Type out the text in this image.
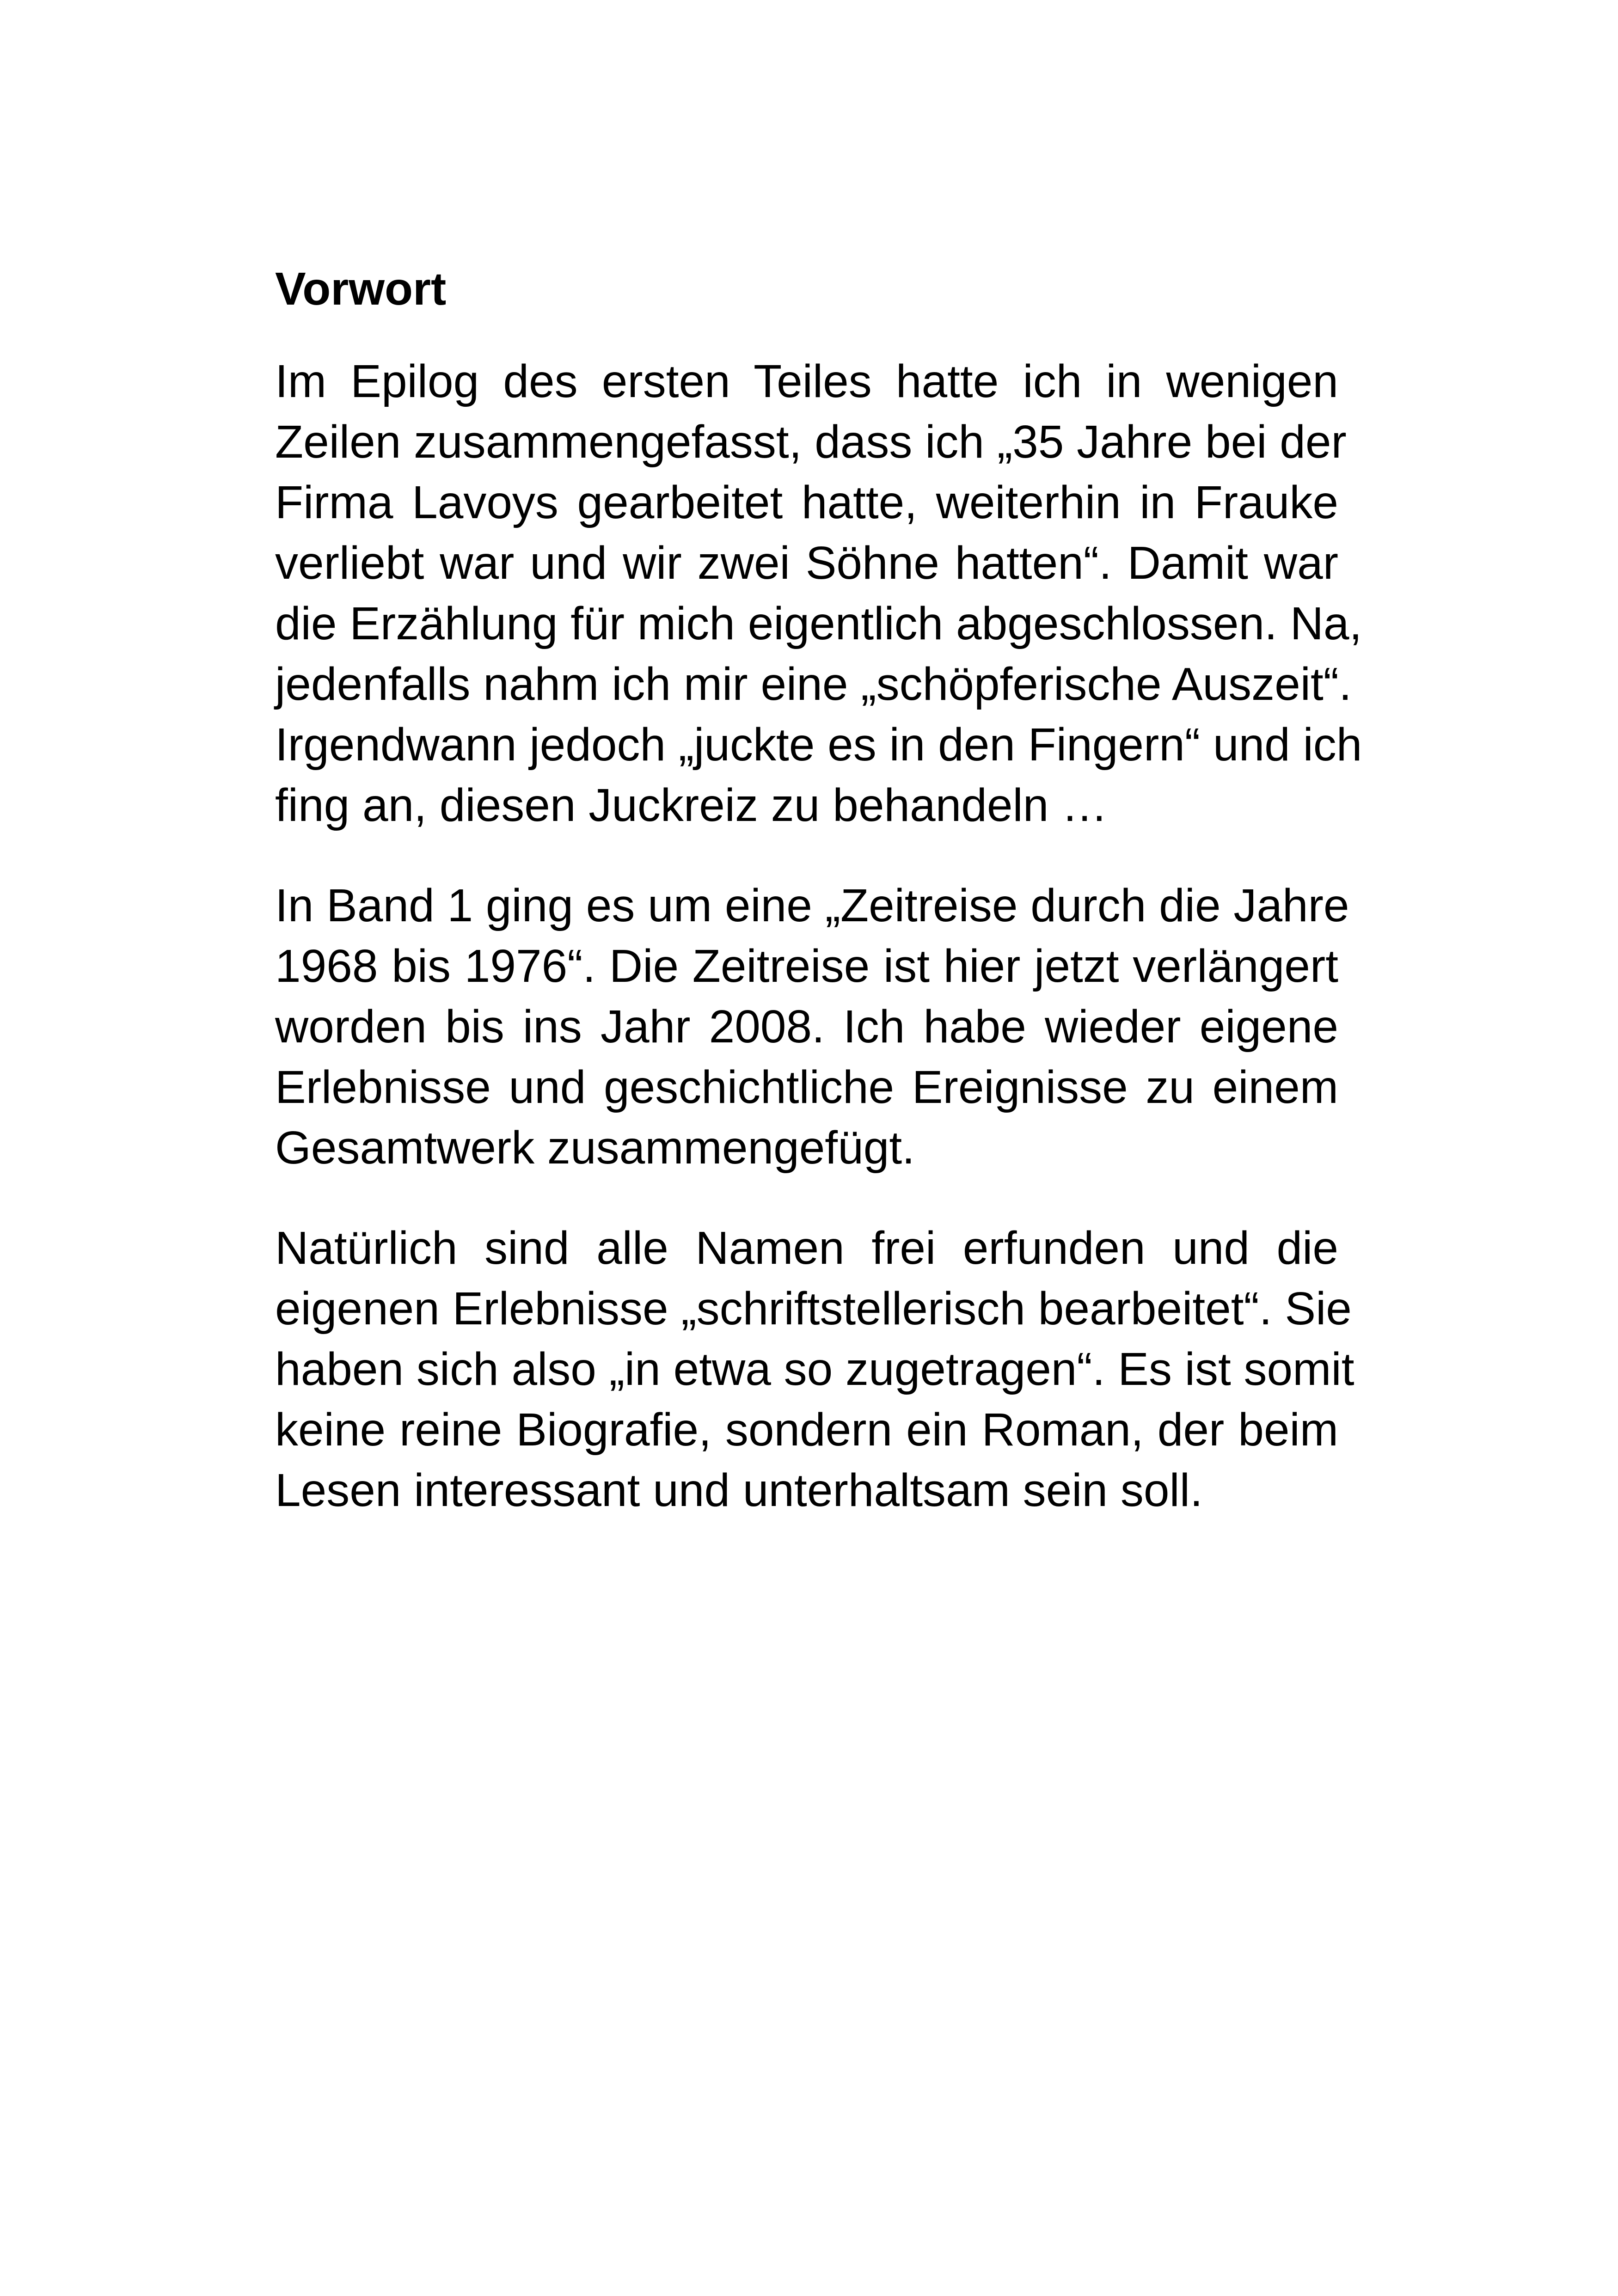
Vorwort

Im Epilog des ersten Teiles hatte ich in wenigen
Zeilen zusammengefasst, dass ich „35 Jahre bei der
Firma Lavoys gearbeitet hatte, weiterhin in Frauke
verliebt war und wir zwei Söhne hatten“. Damit war
die Erzählung für mich eigentlich abgeschlossen. Na,
jedenfalls nahm ich mir eine „schöpferische Auszeit“.
Irgendwann jedoch „juckte es in den Fingern“ und ich
fing an, diesen Juckreiz zu behandeln …

In Band 1 ging es um eine „Zeitreise durch die Jahre
1968 bis 1976“. Die Zeitreise ist hier jetzt verlängert
worden bis ins Jahr 2008. Ich habe wieder eigene
Erlebnisse und geschichtliche Ereignisse zu einem
Gesamtwerk zusammengefügt.

Natürlich sind alle Namen frei erfunden und die
eigenen Erlebnisse „schriftstellerisch bearbeitet“. Sie
haben sich also „in etwa so zugetragen“. Es ist somit
keine reine Biografie, sondern ein Roman, der beim
Lesen interessant und unterhaltsam sein soll.
